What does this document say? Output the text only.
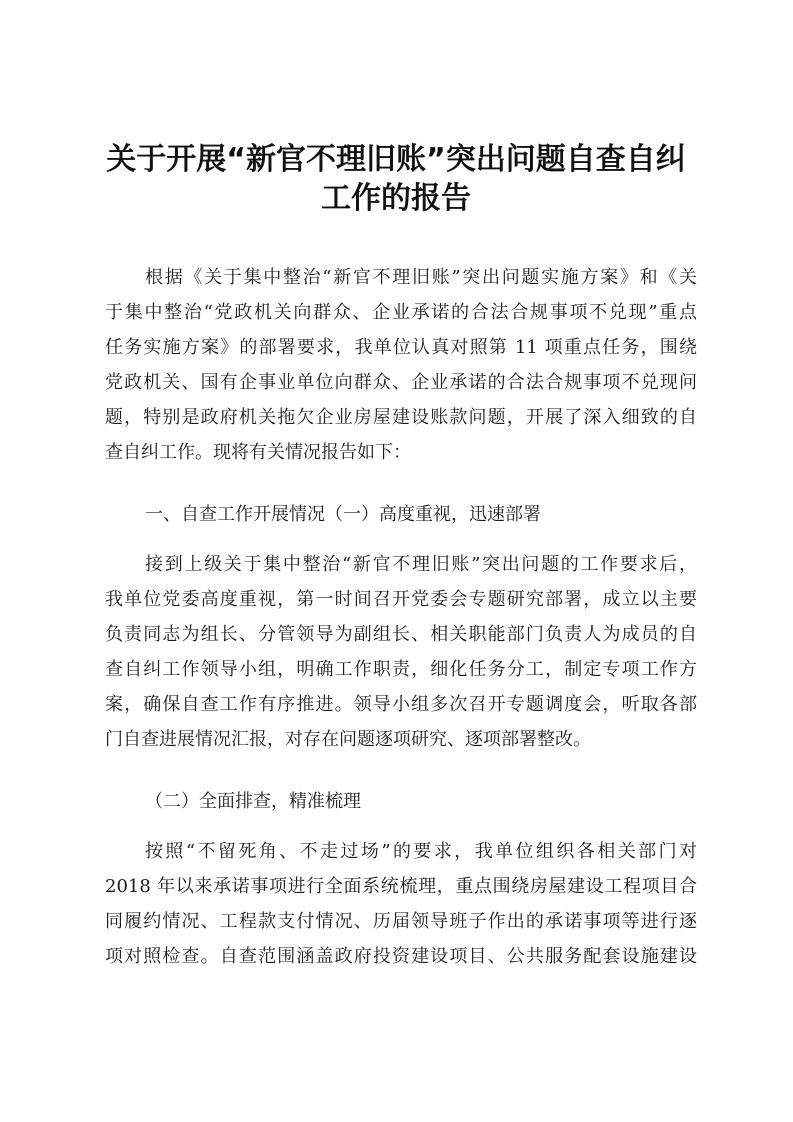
关于开展“新官不理旧账”突出问题自查自纠
工作的报告
根据《关于集中整治“新官不理旧账”突出问题实施方案》和《关
于集中整治“党政机关向群众、企业承诺的合法合规事项不兑现”重点
任务实施方案》的部署要求，我单位认真对照第 11 项重点任务，围绕
党政机关、国有企事业单位向群众、企业承诺的合法合规事项不兑现问
题，特别是政府机关拖欠企业房屋建设账款问题，开展了深入细致的自
查自纠工作。现将有关情况报告如下：

一、自查工作开展情况（一）高度重视，迅速部署

接到上级关于集中整治“新官不理旧账”突出问题的工作要求后，
我单位党委高度重视，第一时间召开党委会专题研究部署，成立以主要
负责同志为组长、分管领导为副组长、相关职能部门负责人为成员的自
查自纠工作领导小组，明确工作职责，细化任务分工，制定专项工作方
案，确保自查工作有序推进。领导小组多次召开专题调度会，听取各部
门自查进展情况汇报，对存在问题逐项研究、逐项部署整改。

（二）全面排查，精准梳理

按照“不留死角、不走过场”的要求，我单位组织各相关部门对
2018 年以来承诺事项进行全面系统梳理，重点围绕房屋建设工程项目合
同履约情况、工程款支付情况、历届领导班子作出的承诺事项等进行逐
项对照检查。自查范围涵盖政府投资建设项目、公共服务配套设施建设
